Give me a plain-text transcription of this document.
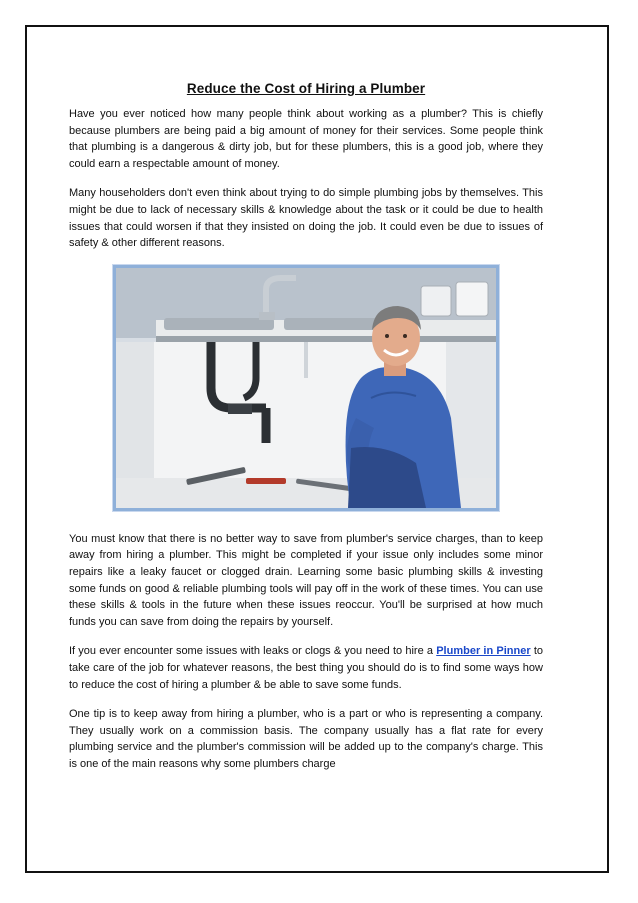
Reduce the Cost of Hiring a Plumber

Have you ever noticed how many people think about working as a plumber? This is chiefly because plumbers are being paid a big amount of money for their services. Some people think that plumbing is a dangerous & dirty job, but for these plumbers, this is a good job, where they could earn a respectable amount of money.

Many householders don't even think about trying to do simple plumbing jobs by themselves. This might be due to lack of necessary skills & knowledge about the task or it could be due to health issues that could worsen if that they insisted on doing the job. It could even be due to issues of safety & other different reasons.

You must know that there is no better way to save from plumber's service charges, than to keep away from hiring a plumber. This might be completed if your issue only includes some minor repairs like a leaky faucet or clogged drain. Learning some basic plumbing skills & investing some funds on good & reliable plumbing tools will pay off in the work of these times. You can use these skills & tools in the future when these issues reoccur. You'll be surprised at how much funds you can save from doing the repairs by yourself.

If you ever encounter some issues with leaks or clogs & you need to hire a Plumber in Pinner to take care of the job for whatever reasons, the best thing you should do is to find some ways how to reduce the cost of hiring a plumber & be able to save some funds.

One tip is to keep away from hiring a plumber, who is a part or who is representing a company. They usually work on a commission basis. The company usually has a flat rate for every plumbing service and the plumber's commission will be added up to the company's charge. This is one of the main reasons why some plumbers charge
